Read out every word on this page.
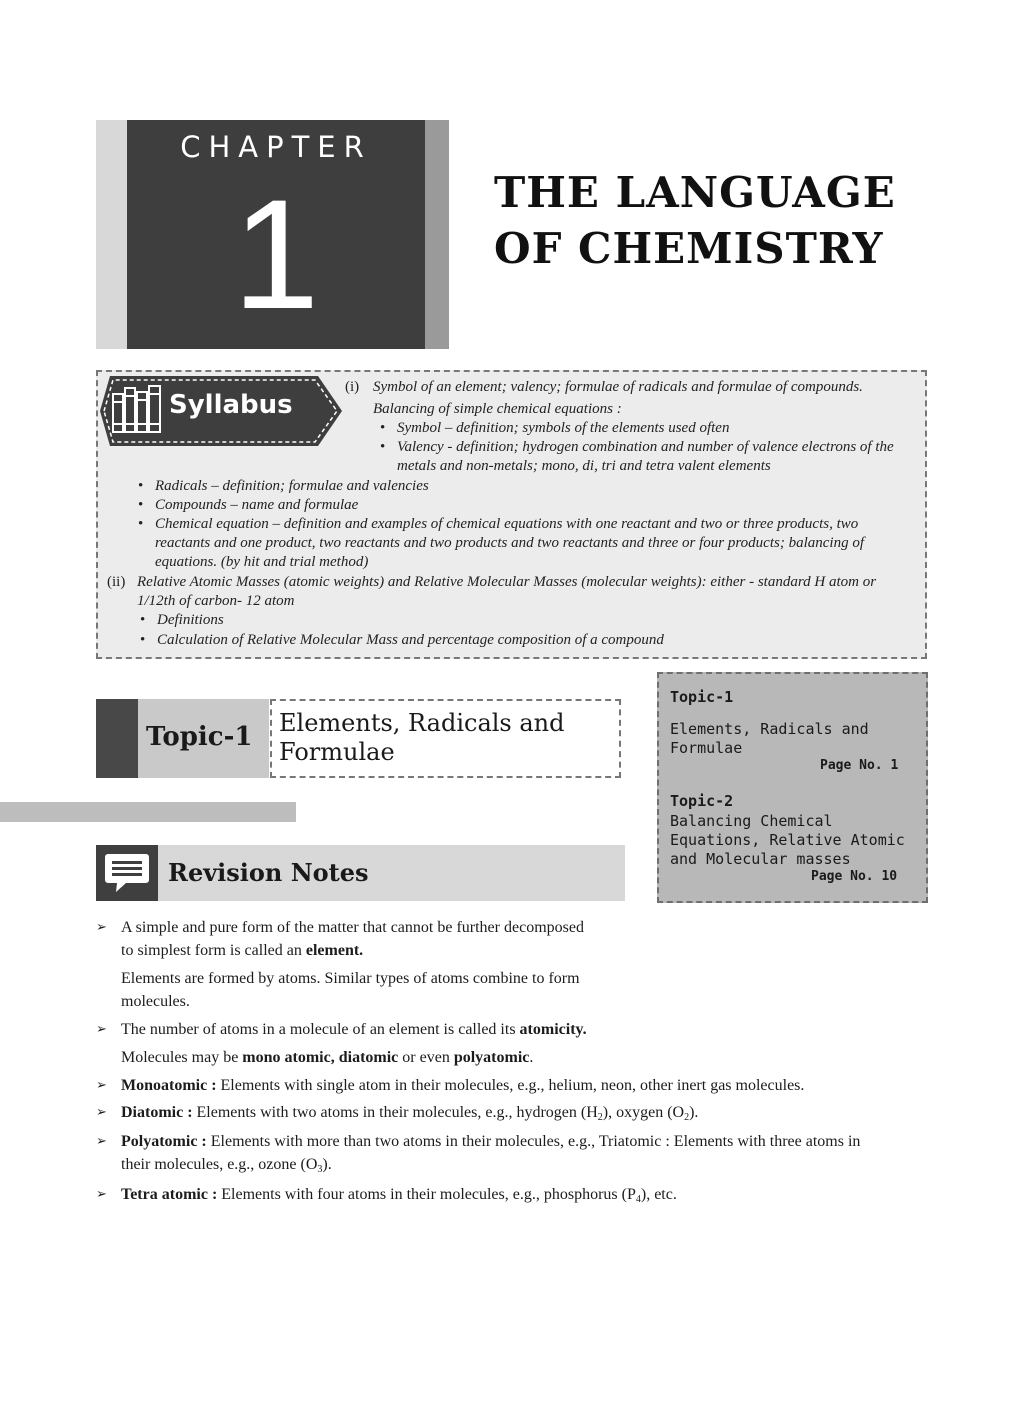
CHAPTER
1	THE LANGUAGE
OF CHEMISTRY
Syllabus
(i) Symbol of an element; valency; formulae of radicals and formulae of compounds.
Balancing of simple chemical equations :
• Symbol – definition; symbols of the elements used often
• Valency - definition; hydrogen combination and number of valence electrons of the
metals and non-metals; mono, di, tri and tetra valent elements
• Radicals – definition; formulae and valencies
• Compounds – name and formulae
• Chemical equation – definition and examples of chemical equations with one reactant and two or three products, two
reactants and one product, two reactants and two products and two reactants and three or four products; balancing of
equations. (by hit and trial method)
(ii) Relative Atomic Masses (atomic weights) and Relative Molecular Masses (molecular weights): either - standard H atom or
1/12th of carbon- 12 atom
• Definitions
• Calculation of Relative Molecular Mass and percentage composition of a compound
Topic-1 Elements, Radicals and
Formulae
Topic-1
Elements, Radicals and
Formulae
Page No. 1
Topic-2
Balancing Chemical
Equations, Relative Atomic
and Molecular masses
Page No. 10
Revision Notes
➢ A simple and pure form of the matter that cannot be further decomposed
to simplest form is called an element.
Elements are formed by atoms. Similar types of atoms combine to form
molecules.
➢ The number of atoms in a molecule of an element is called its atomicity.
Molecules may be mono atomic, diatomic or even polyatomic.
➢ Monoatomic : Elements with single atom in their molecules, e.g., helium, neon, other inert gas molecules.
➢ Diatomic : Elements with two atoms in their molecules, e.g., hydrogen $(H_2)$, oxygen $(O_2)$.
➢ Polyatomic : Elements with more than two atoms in their molecules, e.g., Triatomic : Elements with three atoms in
their molecules, e.g., ozone $(O_3)$.
➢ Tetra atomic : Elements with four atoms in their molecules, e.g., phosphorus $(P_4)$, etc.
